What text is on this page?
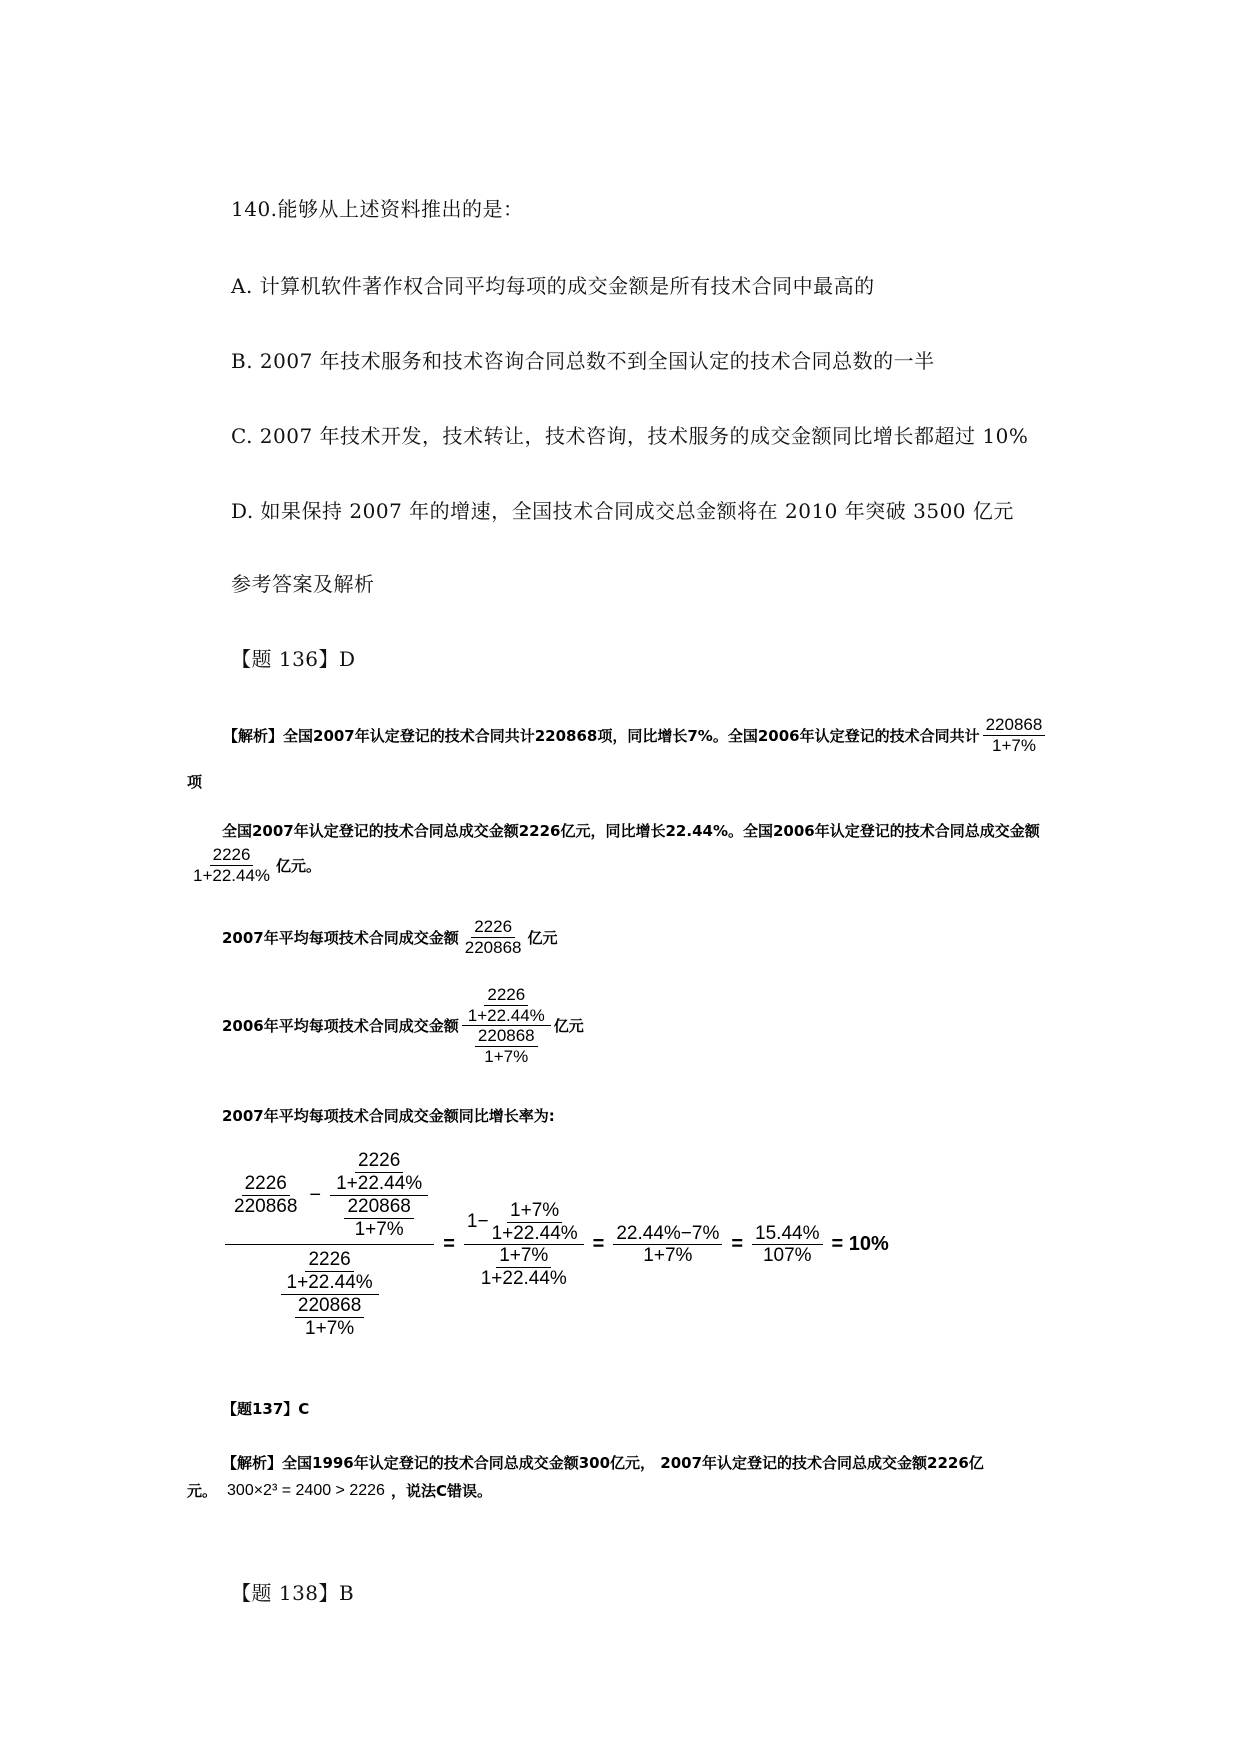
140.能够从上述资料推出的是：
A. 计算机软件著作权合同平均每项的成交金额是所有技术合同中最高的
B. 2007 年技术服务和技术咨询合同总数不到全国认定的技术合同总数的一半
C. 2007 年技术开发，技术转让，技术咨询，技术服务的成交金额同比增长都超过 10%
D. 如果保持 2007 年的增速，全国技术合同成交总金额将在 2010 年突破 3500 亿元
参考答案及解析
【题 136】D
【解析】全国2007年认定登记的技术合同共计220868项，同比增长7%。全国2006年认定登记的技术合同共计 $\frac{220868}{1+7\%}$
项
全国2007年认定登记的技术合同总成交金额2226亿元，同比增长22.44%。全国2006年认定登记的技术合同总成交金额
$\frac{2226}{1+22.44\%}$ 亿元。
2007年平均每项技术合同成交金额 $\frac{2226}{220868}$ 亿元
2006年平均每项技术合同成交金额 $\frac{\frac{2226}{1+22.44\%}}{\frac{220868}{1+7\%}}$ 亿元
2007年平均每项技术合同成交金额同比增长率为:
$\frac{2226}{220868} - \frac{\frac{2226}{1+22.44\%}}{\frac{220868}{1+7\%}}$
$\frac{\frac{2226}{1+22.44\%}}{\frac{220868}{1+7\%}}$
= $\frac{1- \frac{1+7\%}{1+22.44\%}}{\frac{1+7\%}{1+22.44\%}} = \frac{22.44\%-7\%}{1+7\%} = \frac{15.44\%}{107\%} = 10\%$
【题137】C
【解析】全国1996年认定登记的技术合同总成交金额300亿元， 2007年认定登记的技术合同总成交金额2226亿
元。 300×2³ = 2400 > 2226 ，说法C错误。
【题 138】B
